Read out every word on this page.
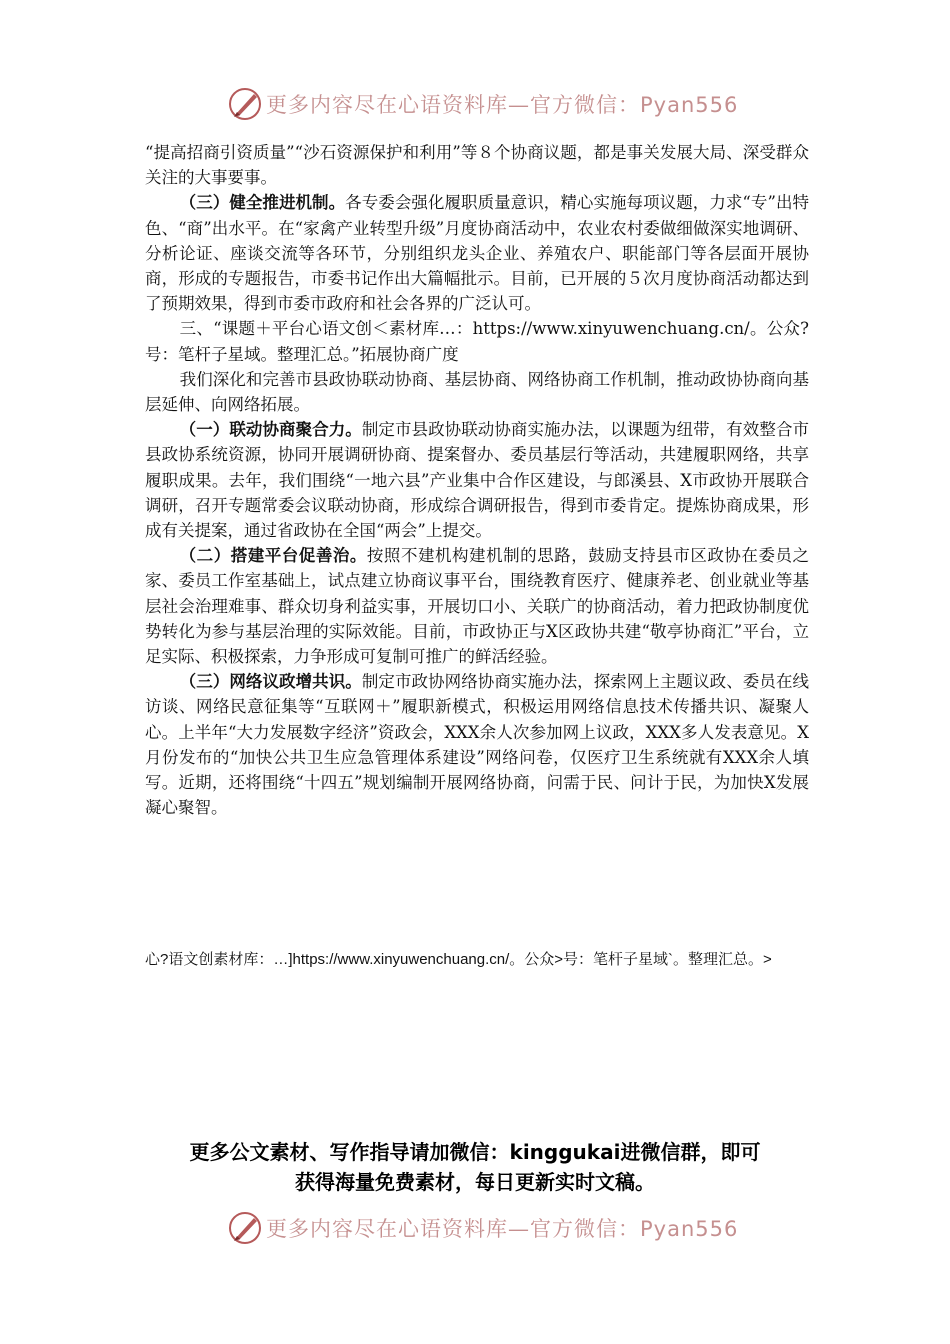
更多内容尽在心语资料库—官方微信：Pyan556

“提高招商引资质量”“沙石资源保护和利用”等８个协商议题，都是事关发展大局、深受群众关注的大事要事。

（三）健全推进机制。各专委会强化履职质量意识，精心实施每项议题，力求“专”出特色、“商”出水平。在“家禽产业转型升级”月度协商活动中，农业农村委做细做深实地调研、分析论证、座谈交流等各环节，分别组织龙头企业、养殖农户、职能部门等各层面开展协商，形成的专题报告，市委书记作出大篇幅批示。目前，已开展的５次月度协商活动都达到了预期效果，得到市委市政府和社会各界的广泛认可。

三、“课题＋平台心语文创＜素材库…：https://www.xinyuwenchuang.cn/。公众?号：笔杆子星域。整理汇总。”拓展协商广度

我们深化和完善市县政协联动协商、基层协商、网络协商工作机制，推动政协协商向基层延伸、向网络拓展。

（一）联动协商聚合力。制定市县政协联动协商实施办法，以课题为纽带，有效整合市县政协系统资源，协同开展调研协商、提案督办、委员基层行等活动，共建履职网络，共享履职成果。去年，我们围绕“一地六县”产业集中合作区建设，与郎溪县、X市政协开展联合调研，召开专题常委会议联动协商，形成综合调研报告，得到市委肯定。提炼协商成果，形成有关提案，通过省政协在全国“两会”上提交。

（二）搭建平台促善治。按照不建机构建机制的思路，鼓励支持县市区政协在委员之家、委员工作室基础上，试点建立协商议事平台，围绕教育医疗、健康养老、创业就业等基层社会治理难事、群众切身利益实事，开展切口小、关联广的协商活动，着力把政协制度优势转化为参与基层治理的实际效能。目前，市政协正与X区政协共建“敬亭协商汇”平台，立足实际、积极探索，力争形成可复制可推广的鲜活经验。

（三）网络议政增共识。制定市政协网络协商实施办法，探索网上主题议政、委员在线访谈、网络民意征集等“互联网＋”履职新模式，积极运用网络信息技术传播共识、凝聚人心。上半年“大力发展数字经济”资政会，XXX余人次参加网上议政，XXX多人发表意见。X月份发布的“加快公共卫生应急管理体系建设”网络问卷，仅医疗卫生系统就有XXX余人填写。近期，还将围绕“十四五”规划编制开展网络协商，问需于民、问计于民，为加快X发展凝心聚智。

心?语文创素材库：…]https://www.xinyuwenchuang.cn/。公众>号：笔杆子星域`。整理汇总。>
更多公文素材、写作指导请加微信：kinggukai进微信群，即可
获得海量免费素材，每日更新实时文稿。
更多内容尽在心语资料库—官方微信：Pyan556
